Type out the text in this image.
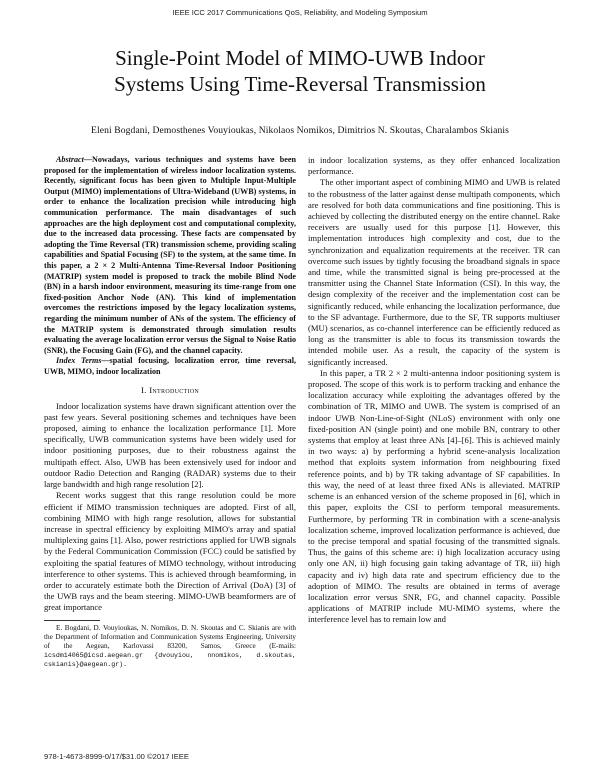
IEEE ICC 2017 Communications QoS, Reliability, and Modeling Symposium
Single-Point Model of MIMO-UWB Indoor
Systems Using Time-Reversal Transmission
Eleni Bogdani, Demosthenes Vouyioukas, Nikolaos Nomikos, Dimitrios N. Skoutas, Charalambos Skianis

Abstract—Nowadays, various techniques and systems have been proposed for the implementation of wireless indoor localization systems. Recently, significant focus has been given to Multiple Input-Multiple Output (MIMO) implementations of Ultra-Wideband (UWB) systems, in order to enhance the localization precision while introducing high communication performance. The main disadvantages of such approaches are the high deployment cost and computational complexity, due to the increased data processing. These facts are compensated by adopting the Time Reversal (TR) transmission scheme, providing scaling capabilities and Spatial Focusing (SF) to the system, at the same time. In this paper, a 2 × 2 Multi-Antenna Time-Reversal Indoor Positioning (MATRIP) system model is proposed to track the mobile Blind Node (BN) in a harsh indoor environment, measuring its time-range from one fixed-position Anchor Node (AN). This kind of implementation overcomes the restrictions imposed by the legacy localization systems, regarding the minimum number of ANs of the system. The efficiency of the MATRIP system is demonstrated through simulation results evaluating the average localization error versus the Signal to Noise Ratio (SNR), the Focusing Gain (FG), and the channel capacity.

Index Terms—spatial focusing, localization error, time reversal, UWB, MIMO, indoor localization

I. Introduction

Indoor localization systems have drawn significant attention over the past few years. Several positioning schemes and techniques have been proposed, aiming to enhance the localization performance [1]. More specifically, UWB communication systems have been widely used for indoor positioning purposes, due to their robustness against the multipath effect. Also, UWB has been extensively used for indoor and outdoor Radio Detection and Ranging (RADAR) systems due to their large bandwidth and high range resolution [2].

Recent works suggest that this range resolution could be more efficient if MIMO transmission techniques are adopted. First of all, combining MIMO with high range resolution, allows for substantial increase in spectral efficiency by exploiting MIMO's array and spatial multiplexing gains [1]. Also, power restrictions applied for UWB signals by the Federal Communication Commission (FCC) could be satisfied by exploiting the spatial features of MIMO technology, without introducing interference to other systems. This is achieved through beamforming, in order to accurately estimate both the Direction of Arrival (DoA) [3] of the UWB rays and the beam steering. MIMO-UWB beamformers are of great importance

E. Bogdani, D. Vouyioukas, N. Nomikos, D. N. Skoutas and C. Skianis are with the Department of Information and Communication Systems Engineering, University of the Aegean, Karlovassi 83200, Samos, Greece (E-mails: icsdm14065@icsd.aegean.gr {dvouyiou, nnomikos, d.skoutas, cskianis}@aegean.gr).

in indoor localization systems, as they offer enhanced localization performance.

The other important aspect of combining MIMO and UWB is related to the robustness of the latter against dense multipath components, which are resolved for both data communications and fine positioning. This is achieved by collecting the distributed energy on the entire channel. Rake receivers are usually used for this purpose [1]. However, this implementation introduces high complexity and cost, due to the synchronization and equalization requirements at the receiver. TR can overcome such issues by tightly focusing the broadband signals in space and time, while the transmitted signal is being pre-processed at the transmitter using the Channel State Information (CSI). In this way, the design complexity of the receiver and the implementation cost can be significantly reduced, while enhancing the localization performance, due to the SF advantage. Furthermore, due to the SF, TR supports multiuser (MU) scenarios, as co-channel interference can be efficiently reduced as long as the transmitter is able to focus its transmission towards the intended mobile user. As a result, the capacity of the system is significantly increased.

In this paper, a TR 2 × 2 multi-antenna indoor positioning system is proposed. The scope of this work is to perform tracking and enhance the localization accuracy while exploiting the advantages offered by the combination of TR, MIMO and UWB. The system is comprised of an indoor UWB Non-Line-of-Sight (NLoS) environment with only one fixed-position AN (single point) and one mobile BN, contrary to other systems that employ at least three ANs [4]–[6]. This is achieved mainly in two ways: a) by performing a hybrid scene-analysis localization method that exploits system information from neighbouring fixed reference points, and b) by TR taking advantage of SF capabilities. In this way, the need of at least three fixed ANs is alleviated. MATRIP scheme is an enhanced version of the scheme proposed in [6], which in this paper, exploits the CSI to perform temporal measurements. Furthermore, by performing TR in combination with a scene-analysis localization scheme, improved localization performance is achieved, due to the precise temporal and spatial focusing of the transmitted signals. Thus, the gains of this scheme are: i) high localization accuracy using only one AN, ii) high focusing gain taking advantage of TR, iii) high capacity and iv) high data rate and spectrum efficiency due to the adoption of MIMO. The results are obtained in terms of average localization error versus SNR, FG, and channel capacity. Possible applications of MATRIP include MU-MIMO systems, where the interference level has to remain low and

978-1-4673-8999-0/17/$31.00 ©2017 IEEE
